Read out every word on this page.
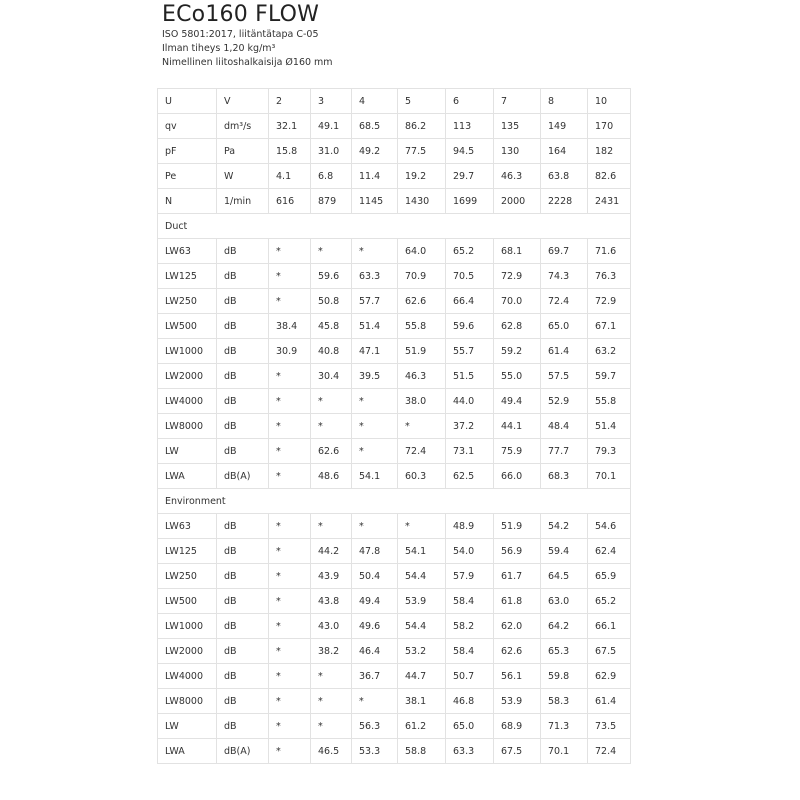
ECo160 FLOW
ISO 5801:2017, liitäntätapa C-05
Ilman tiheys 1,20 kg/m³
Nimellinen liitoshalkaisija Ø160 mm
U	V	2	3	4	5	6	7	8	10
qv	dm³/s	32.1	49.1	68.5	86.2	113	135	149	170
pF	Pa	15.8	31.0	49.2	77.5	94.5	130	164	182
Pe	W	4.1	6.8	11.4	19.2	29.7	46.3	63.8	82.6
N	1/min	616	879	1145	1430	1699	2000	2228	2431
Duct									
LW63	dB	*	*	*	64.0	65.2	68.1	69.7	71.6
LW125	dB	*	59.6	63.3	70.9	70.5	72.9	74.3	76.3
LW250	dB	*	50.8	57.7	62.6	66.4	70.0	72.4	72.9
LW500	dB	38.4	45.8	51.4	55.8	59.6	62.8	65.0	67.1
LW1000	dB	30.9	40.8	47.1	51.9	55.7	59.2	61.4	63.2
LW2000	dB	*	30.4	39.5	46.3	51.5	55.0	57.5	59.7
LW4000	dB	*	*	*	38.0	44.0	49.4	52.9	55.8
LW8000	dB	*	*	*	*	37.2	44.1	48.4	51.4
LW	dB	*	62.6	*	72.4	73.1	75.9	77.7	79.3
LWA	dB(A)	*	48.6	54.1	60.3	62.5	66.0	68.3	70.1
Environment									
LW63	dB	*	*	*	*	48.9	51.9	54.2	54.6
LW125	dB	*	44.2	47.8	54.1	54.0	56.9	59.4	62.4
LW250	dB	*	43.9	50.4	54.4	57.9	61.7	64.5	65.9
LW500	dB	*	43.8	49.4	53.9	58.4	61.8	63.0	65.2
LW1000	dB	*	43.0	49.6	54.4	58.2	62.0	64.2	66.1
LW2000	dB	*	38.2	46.4	53.2	58.4	62.6	65.3	67.5
LW4000	dB	*	*	36.7	44.7	50.7	56.1	59.8	62.9
LW8000	dB	*	*	*	38.1	46.8	53.9	58.3	61.4
LW	dB	*	*	56.3	61.2	65.0	68.9	71.3	73.5
LWA	dB(A)	*	46.5	53.3	58.8	63.3	67.5	70.1	72.4
